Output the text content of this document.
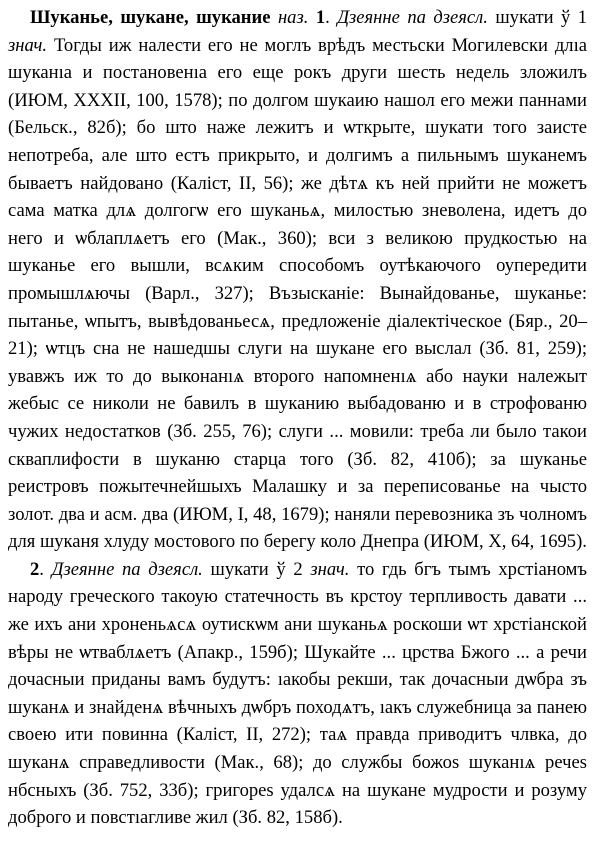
Шуканье, шукане, шукание наз. 1. Дзеянне па дзеясл. шукати ў 1 знач. Тогды иж налести его не моглъ врѣдъ местьски Могилевски длıа шуканıа и постановенıа его еще рокъ други шесть недель зложилъ (ИЮМ, XXXII, 100, 1578); по долгом шукаию нашол его межи паннами (Бельск., 82б); бо што наже лежитъ и ѡткрыте, шукати того заисте непотреба, але што естъ прикрыто, и долгимъ а пильнымъ шуканемъ бываетъ найдовано (Калiст, II, 56); же дѣтѧ къ ней прийти не можетъ сама матка длѧ долгогѡ его шуканьѧ, милостью зневолена, идетъ до него и ѡблаплѧетъ его (Мак., 360); вси з великою прудкостью на шуканье его вышли, всѧким способомъ оутѣкаючого оупередити промышлѧючы (Варл., 327); Възысканiе: Вынайдованье, шуканье: пытанье, ѡпытъ, вывѣдованьесѧ, предложенiе дiалектiческое (Бяр., 20–21); ѡтцъ сна не нашедшы слуги на шукане его выслал (Зб. 81, 259); увавжъ иж то до выконанıѧ второго напомненıѧ або науки належыт жебыс се николи не бавилъ в шуканию выбадованю и в строфованю чужих недостатков (Зб. 255, 76); слуги ... мовили: треба ли было такои скваплифости в шуканю старца того (Зб. 82, 410б); за шуканье реистровъ пожытечнейшыхъ Малашку и за переписованье на чысто золот. два и асм. два (ИЮМ, I, 48, 1679); наняли перевозника зъ чолномъ для шуканя хлуду мостового по берегу коло Днепра (ИЮМ, X, 64, 1695).

2. Дзеянне па дзеясл. шукати ў 2 знач. то гдь бгъ тымъ хрстiаномъ народу греческого такоую статечность въ крстоу терпливость давати ... же ихъ ани хроненьѧсѧ оутискѡм ани шуканьѧ роскоши ѡт хрстiанской вѣры не ѡтваблѧетъ (Апакр., 159б); Шукайте ... црства Бжого ... а речи дочасныи приданы вамъ будутъ: ıакобы рекши, так дочасныи дѡбра зъ шуканѧ и знайденѧ вѣчныхъ дѡбръ походѧтъ, ıакъ служебница за панею своею ити повинна (Калiст, II, 272); таѧ правда приводитъ члвка, до шуканѧ справедливости (Мак., 68); до службы божоѕ шуканıѧ речеѕ нбсныхъ (Зб. 752, 33б); григореѕ удалсѧ на шукане мудрости и розуму доброго и повстıагливе жил (Зб. 82, 158б).
